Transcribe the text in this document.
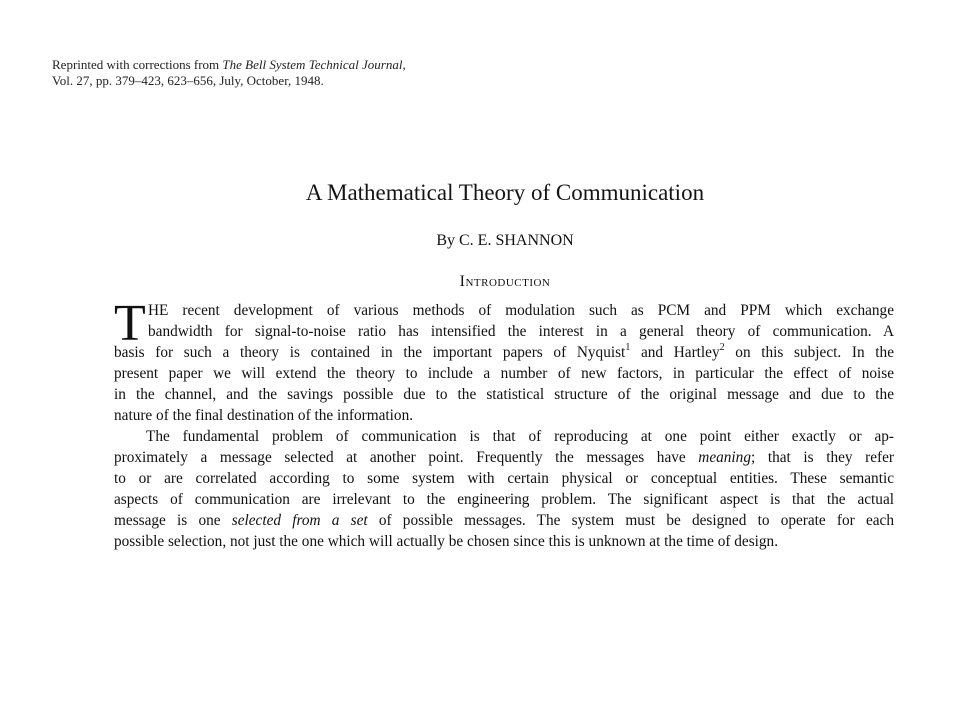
Reprinted with corrections from The Bell System Technical Journal,
Vol. 27, pp. 379–423, 623–656, July, October, 1948.
A Mathematical Theory of Communication
By C. E. SHANNON
Introduction
T HE recent development of various methods of modulation such as PCM and PPM which exchange
bandwidth for signal-to-noise ratio has intensified the interest in a general theory of communication. A
basis for such a theory is contained in the important papers of Nyquist$^1$ and Hartley$^2$ on this subject. In the
present paper we will extend the theory to include a number of new factors, in particular the effect of noise
in the channel, and the savings possible due to the statistical structure of the original message and due to the
nature of the final destination of the information.
The fundamental problem of communication is that of reproducing at one point either exactly or ap-
proximately a message selected at another point. Frequently the messages have meaning; that is they refer
to or are correlated according to some system with certain physical or conceptual entities. These semantic
aspects of communication are irrelevant to the engineering problem. The significant aspect is that the actual
message is one selected from a set of possible messages. The system must be designed to operate for each
possible selection, not just the one which will actually be chosen since this is unknown at the time of design.
